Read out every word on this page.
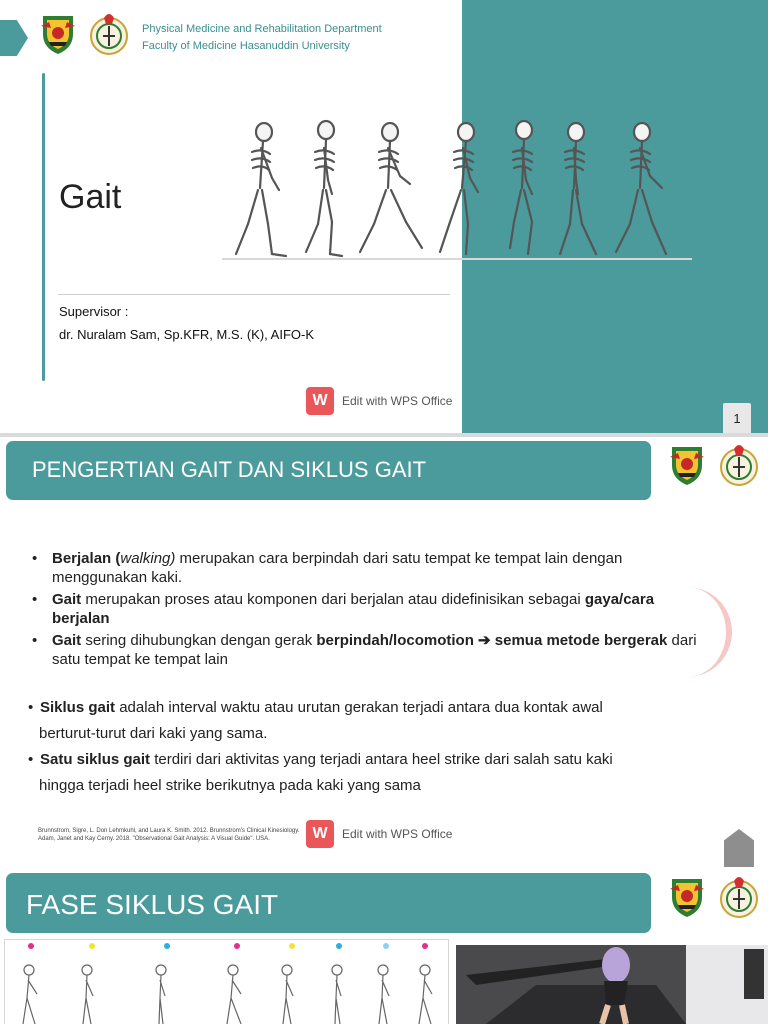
Physical Medicine and Rehabilitation Department
Faculty of Medicine Hasanuddin University
Gait
Supervisor :
dr. Nuralam Sam, Sp.KFR, M.S. (K), AIFO-K
W	Edit with WPS Office
1
PENGERTIAN GAIT DAN SIKLUS GAIT
• Berjalan (walking) merupakan cara berpindah dari satu tempat ke tempat lain dengan menggunakan kaki.
• Gait merupakan proses atau komponen dari berjalan atau didefinisikan sebagai gaya/cara berjalan
• Gait sering dihubungkan dengan gerak berpindah/locomotion ➔ semua metode bergerak dari satu tempat ke tempat lain
• Siklus gait adalah interval waktu atau urutan gerakan terjadi antara dua kontak awal
berturut-turut dari kaki yang sama.
• Satu siklus gait terdiri dari aktivitas yang terjadi antara heel strike dari salah satu kaki
hingga terjadi heel strike berikutnya pada kaki yang sama
Brunnstrom, Sigre, L. Don Lehmkuhl, and Laura K. Smith. 2012. Brunnstrom's Clinical Kinesiology.
Adam, Janet and Kay Cerny. 2018. "Observational Gait Analysis: A Visual Guide". USA.	W	Edit with WPS Office
FASE SIKLUS GAIT
